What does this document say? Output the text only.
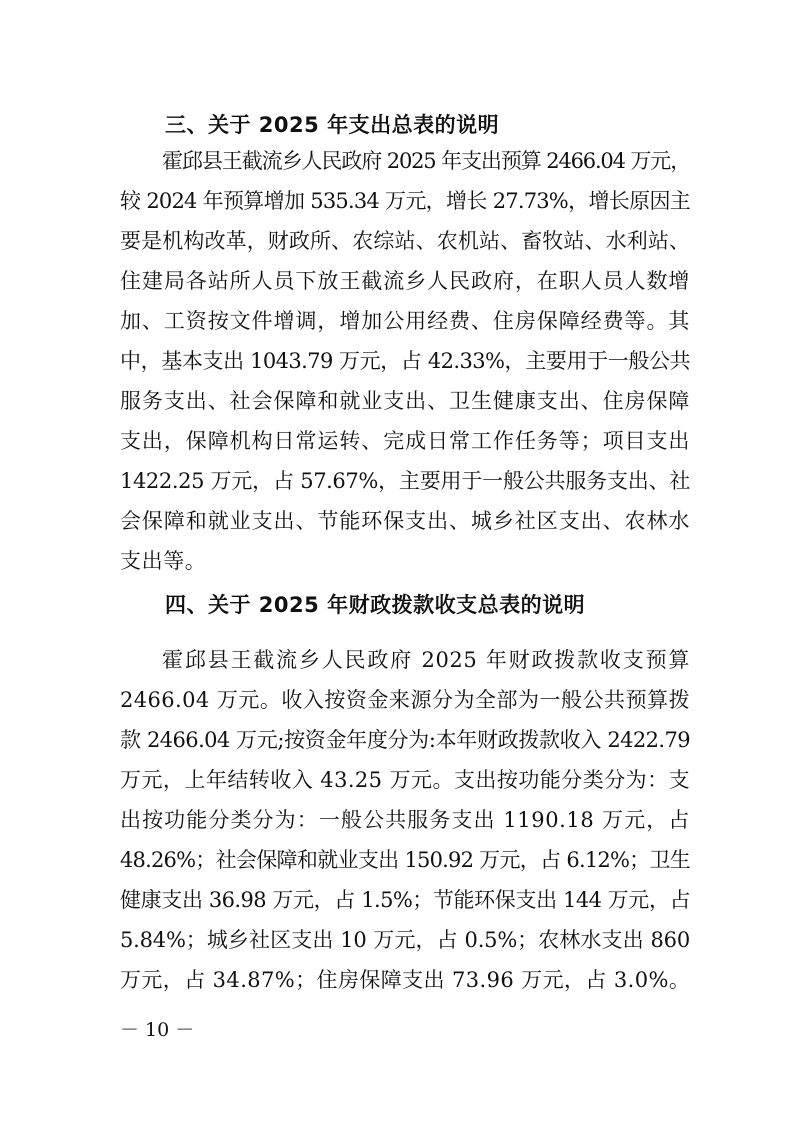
三、关于 2025 年支出总表的说明
霍邱县王截流乡人民政府 2025 年支出预算 2466.04 万元，
较 2024 年预算增加 535.34 万元，增长 27.73%，增长原因主
要是机构改革，财政所、农综站、农机站、畜牧站、水利站、
住建局各站所人员下放王截流乡人民政府，在职人员人数增
加、工资按文件增调，增加公用经费、住房保障经费等。其
中，基本支出 1043.79 万元，占 42.33%，主要用于一般公共
服务支出、社会保障和就业支出、卫生健康支出、住房保障
支出，保障机构日常运转、完成日常工作任务等；项目支出
1422.25 万元，占 57.67%，主要用于一般公共服务支出、社
会保障和就业支出、节能环保支出、城乡社区支出、农林水
支出等。
四、关于 2025 年财政拨款收支总表的说明
霍邱县王截流乡人民政府 2025 年财政拨款收支预算
2466.04 万元。收入按资金来源分为全部为一般公共预算拨
款 2466.04 万元;按资金年度分为:本年财政拨款收入 2422.79
万元，上年结转收入 43.25 万元。支出按功能分类分为：支
出按功能分类分为：一般公共服务支出 1190.18 万元，占
48.26%；社会保障和就业支出 150.92 万元，占 6.12%；卫生
健康支出 36.98 万元，占 1.5%；节能环保支出 144 万元，占
5.84%；城乡社区支出 10 万元，占 0.5%；农林水支出 860
万元，占 34.87%；住房保障支出 73.96 万元，占 3.0%。
－ 10 －
